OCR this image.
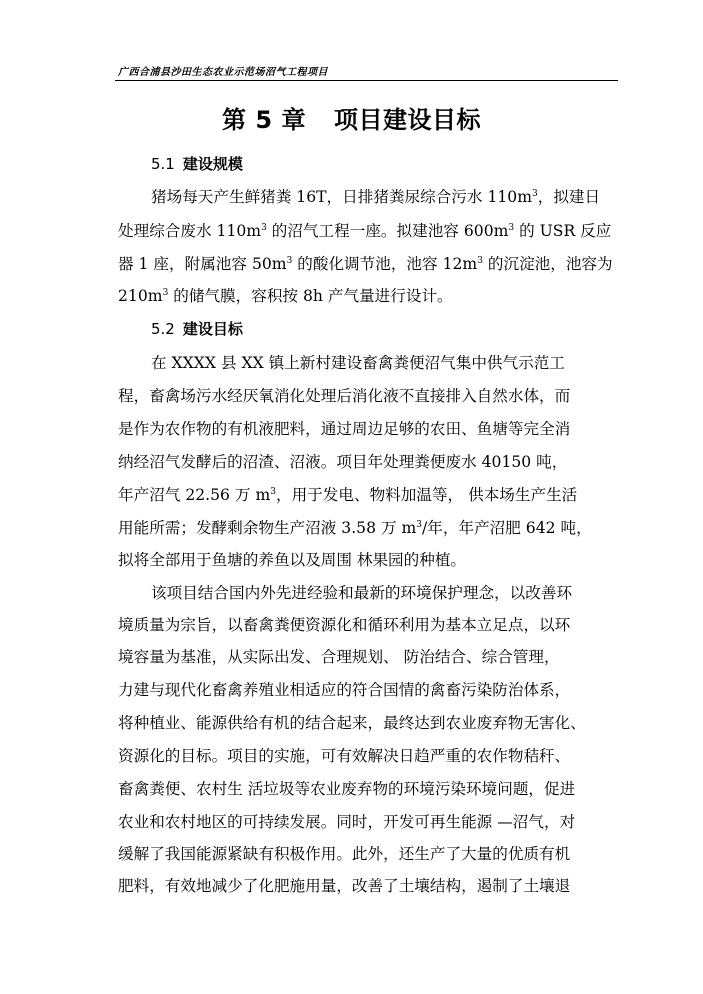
广西合浦县沙田生态农业示范场沼气工程项目
第 5 章 项目建设目标
5.1 建设规模
猪场每天产生鲜猪粪 16T，日排猪粪尿综合污水 $110m^3$，拟建日
处理综合废水 $110m^3$ 的沼气工程一座。拟建池容 $600m^3$ 的 USR 反应
器 1 座，附属池容 $50m^3$ 的酸化调节池，池容 $12m^3$ 的沉淀池，池容为
$210m^3$ 的储气膜，容积按 8h 产气量进行设计。
5.2 建设目标
在 XXXX 县 XX 镇上新村建设畜禽粪便沼气集中供气示范工
程，畜禽场污水经厌氧消化处理后消化液不直接排入自然水体，而
是作为农作物的有机液肥料，通过周边足够的农田、鱼塘等完全消
纳经沼气发酵后的沼渣、沼液。项目年处理粪便废水 40150 吨，
年产沼气 22.56 万 $m^3$，用于发电、物料加温等， 供本场生产生活
用能所需；发酵剩余物生产沼液 3.58 万 $m^3/$年，年产沼肥 642 吨，
拟将全部用于鱼塘的养鱼以及周围 林果园的种植。
该项目结合国内外先进经验和最新的环境保护理念，以改善环
境质量为宗旨，以畜禽粪便资源化和循环利用为基本立足点，以环
境容量为基准，从实际出发、合理规划、 防治结合、综合管理，
力建与现代化畜禽养殖业相适应的符合国情的禽畜污染防治体系，
将种植业、能源供给有机的结合起来，最终达到农业废弃物无害化、
资源化的目标。项目的实施，可有效解决日趋严重的农作物秸秆、
畜禽粪便、农村生 活垃圾等农业废弃物的环境污染环境问题，促进
农业和农村地区的可持续发展。同时，开发可再生能源 —沼气，对
缓解了我国能源紧缺有积极作用。此外，还生产了大量的优质有机
肥料，有效地减少了化肥施用量，改善了土壤结构，遏制了土壤退
